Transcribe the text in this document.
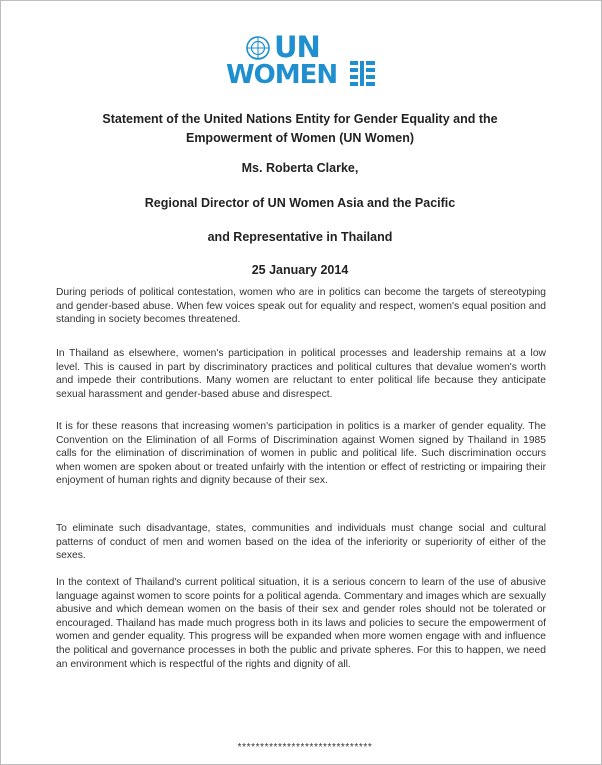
UN
WOMEN
Statement of the United Nations Entity for Gender Equality and the
Empowerment of Women (UN Women)
Ms. Roberta Clarke,
Regional Director of UN Women Asia and the Pacific
and Representative in Thailand
25 January 2014

During periods of political contestation, women who are in politics can become the targets of stereotyping and gender-based abuse. When few voices speak out for equality and respect, women's equal position and standing in society becomes threatened.

In Thailand as elsewhere, women's participation in political processes and leadership remains at a low level. This is caused in part by discriminatory practices and political cultures that devalue women's worth and impede their contributions. Many women are reluctant to enter political life because they anticipate sexual harassment and gender-based abuse and disrespect.

It is for these reasons that increasing women's participation in politics is a marker of gender equality. The Convention on the Elimination of all Forms of Discrimination against Women signed by Thailand in 1985 calls for the elimination of discrimination of women in public and political life. Such discrimination occurs when women are spoken about or treated unfairly with the intention or effect of restricting or impairing their enjoyment of human rights and dignity because of their sex.

To eliminate such disadvantage, states, communities and individuals must change social and cultural patterns of conduct of men and women based on the idea of the inferiority or superiority of either of the sexes.

In the context of Thailand's current political situation, it is a serious concern to learn of the use of abusive language against women to score points for a political agenda. Commentary and images which are sexually abusive and which demean women on the basis of their sex and gender roles should not be tolerated or encouraged. Thailand has made much progress both in its laws and policies to secure the empowerment of women and gender equality. This progress will be expanded when more women engage with and influence the political and governance processes in both the public and private spheres. For this to happen, we need an environment which is respectful of the rights and dignity of all.

******************************
